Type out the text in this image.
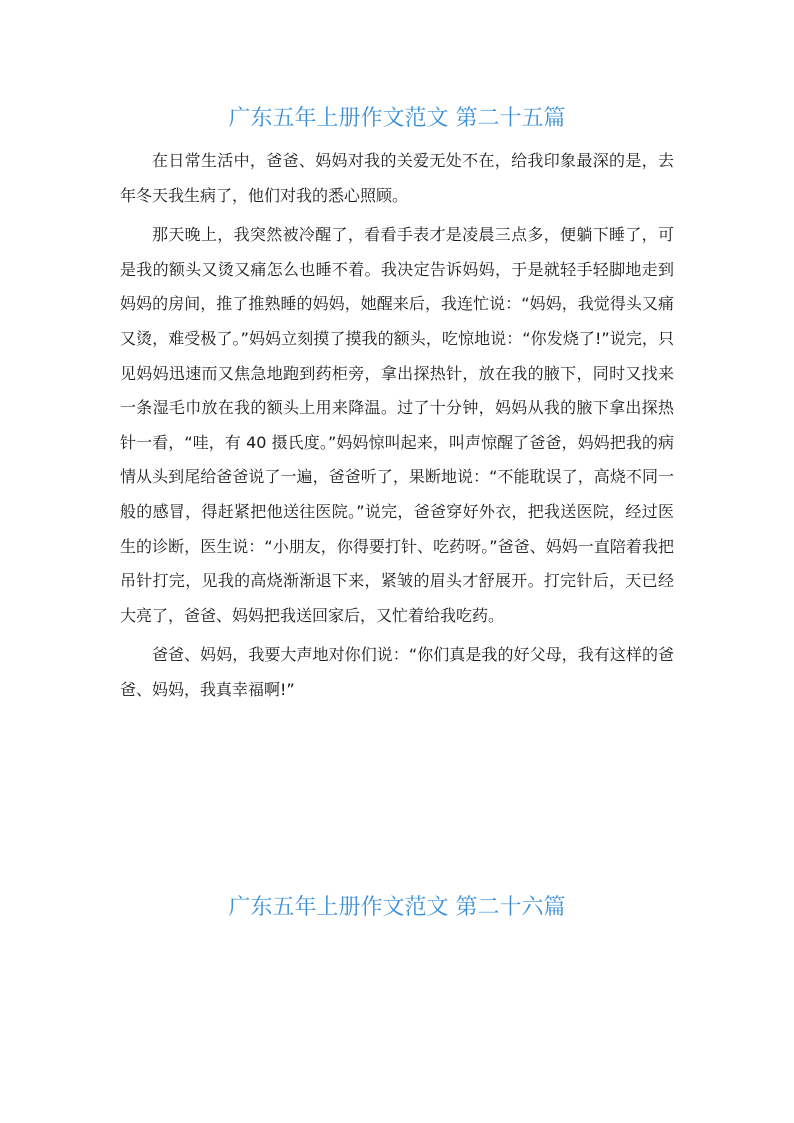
广东五年上册作文范文 第二十五篇

在日常生活中，爸爸、妈妈对我的关爱无处不在，给我印象最深的是，去年冬天我生病了，他们对我的悉心照顾。

那天晚上，我突然被冷醒了，看看手表才是凌晨三点多，便躺下睡了，可是我的额头又烫又痛怎么也睡不着。我决定告诉妈妈，于是就轻手轻脚地走到妈妈的房间，推了推熟睡的妈妈，她醒来后，我连忙说：“妈妈，我觉得头又痛又烫，难受极了。”妈妈立刻摸了摸我的额头，吃惊地说：“你发烧了!”说完，只见妈妈迅速而又焦急地跑到药柜旁，拿出探热针，放在我的腋下，同时又找来一条湿毛巾放在我的额头上用来降温。过了十分钟，妈妈从我的腋下拿出探热针一看，“哇，有 40 摄氏度。”妈妈惊叫起来，叫声惊醒了爸爸，妈妈把我的病情从头到尾给爸爸说了一遍，爸爸听了，果断地说：“不能耽误了，高烧不同一般的感冒，得赶紧把他送往医院。”说完，爸爸穿好外衣，把我送医院，经过医生的诊断，医生说：“小朋友，你得要打针、吃药呀。”爸爸、妈妈一直陪着我把吊针打完，见我的高烧渐渐退下来，紧皱的眉头才舒展开。打完针后，天已经大亮了，爸爸、妈妈把我送回家后，又忙着给我吃药。

爸爸、妈妈，我要大声地对你们说：“你们真是我的好父母，我有这样的爸爸、妈妈，我真幸福啊!”

广东五年上册作文范文 第二十六篇
